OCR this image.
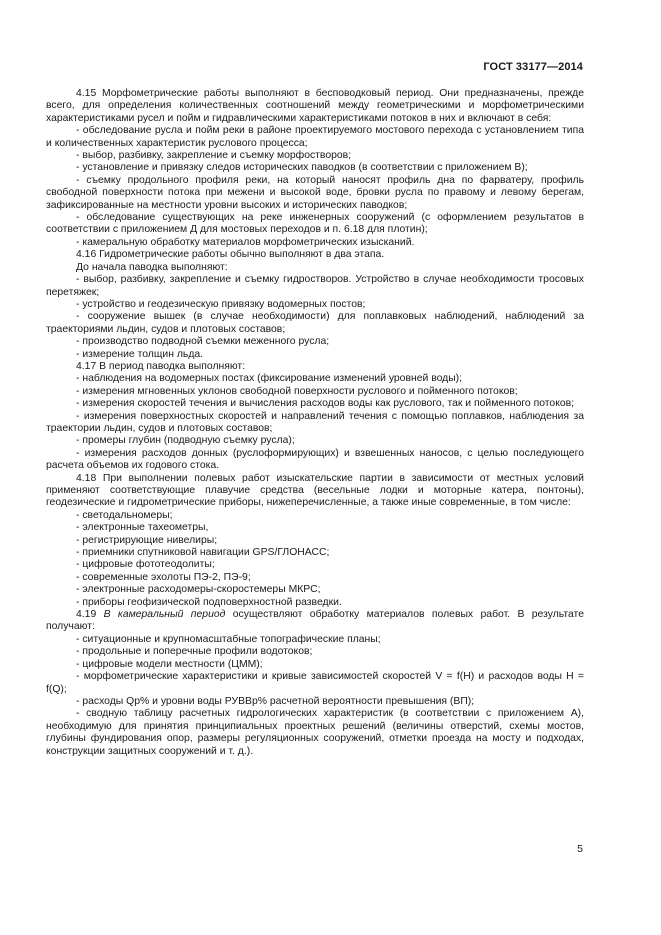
ГОСТ 33177—2014

4.15 Морфометрические работы выполняют в бесповодковый период. Они предназначены, прежде всего, для определения количественных соотношений между геометрическими и морфометрическими характеристиками русел и пойм и гидравлическими характеристиками потоков в них и включают в себя:

- обследование русла и пойм реки в районе проектируемого мостового перехода с установлением типа и количественных характеристик руслового процесса;

- выбор, разбивку, закрепление и съемку морфостворов;

- установление и привязку следов исторических паводков (в соответствии с приложением В);

- съемку продольного профиля реки, на который наносят профиль дна по фарватеру, профиль свободной поверхности потока при межени и высокой воде, бровки русла по правому и левому берегам, зафиксированные на местности уровни высоких и исторических паводков;

- обследование существующих на реке инженерных сооружений (с оформлением результатов в соответствии с приложением Д для мостовых переходов и п. 6.18 для плотин);

- камеральную обработку материалов морфометрических изысканий.

4.16 Гидрометрические работы обычно выполняют в два этапа.

До начала паводка выполняют:

- выбор, разбивку, закрепление и съемку гидростворов. Устройство в случае необходимости тросовых перетяжек;

- устройство и геодезическую привязку водомерных постов;

- сооружение вышек (в случае необходимости) для поплавковых наблюдений, наблюдений за траекториями льдин, судов и плотовых составов;

- производство подводной съемки меженного русла;

- измерение толщин льда.

4.17 В период паводка выполняют:

- наблюдения на водомерных постах (фиксирование изменений уровней воды);

- измерения мгновенных уклонов свободной поверхности руслового и пойменного потоков;

- измерения скоростей течения и вычисления расходов воды как руслового, так и пойменного потоков;

- измерения поверхностных скоростей и направлений течения с помощью поплавков, наблюдения за траектории льдин, судов и плотовых составов;

- промеры глубин (подводную съемку русла);

- измерения расходов донных (руслоформирующих) и взвешенных наносов, с целью последующего расчета объемов их годового стока.

4.18 При выполнении полевых работ изыскательские партии в зависимости от местных условий применяют соответствующие плавучие средства (весельные лодки и моторные катера, понтоны), геодезические и гидрометрические приборы, нижеперечисленные, а также иные современные, в том числе:

- светодальномеры;

- электронные тахеометры,

- регистрирующие нивелиры;

- приемники спутниковой навигации GPS/ГЛОНАСС;

- цифровые фототеодолиты;

- современные эхолоты ПЭ-2, ПЭ-9;

- электронные расходомеры-скоростемеры МКРС;

- приборы геофизической подповерхностной разведки.

4.19 В камеральный период осуществляют обработку материалов полевых работ. В результате получают:

- ситуационные и крупномасштабные топографические планы;

- продольные и поперечные профили водотоков;

- цифровые модели местности (ЦММ);

- морфометрические характеристики и кривые зависимостей скоростей V = f(H) и расходов воды H = f(Q);

- расходы Qp% и уровни воды РУВВр% расчетной вероятности превышения (ВП);

- сводную таблицу расчетных гидрологических характеристик (в соответствии с приложением А), необходимую для принятия принципиальных проектных решений (величины отверстий, схемы мостов, глубины фундирования опор, размеры регуляционных сооружений, отметки проезда на мосту и подходах, конструкции защитных сооружений и т. д.).

5
